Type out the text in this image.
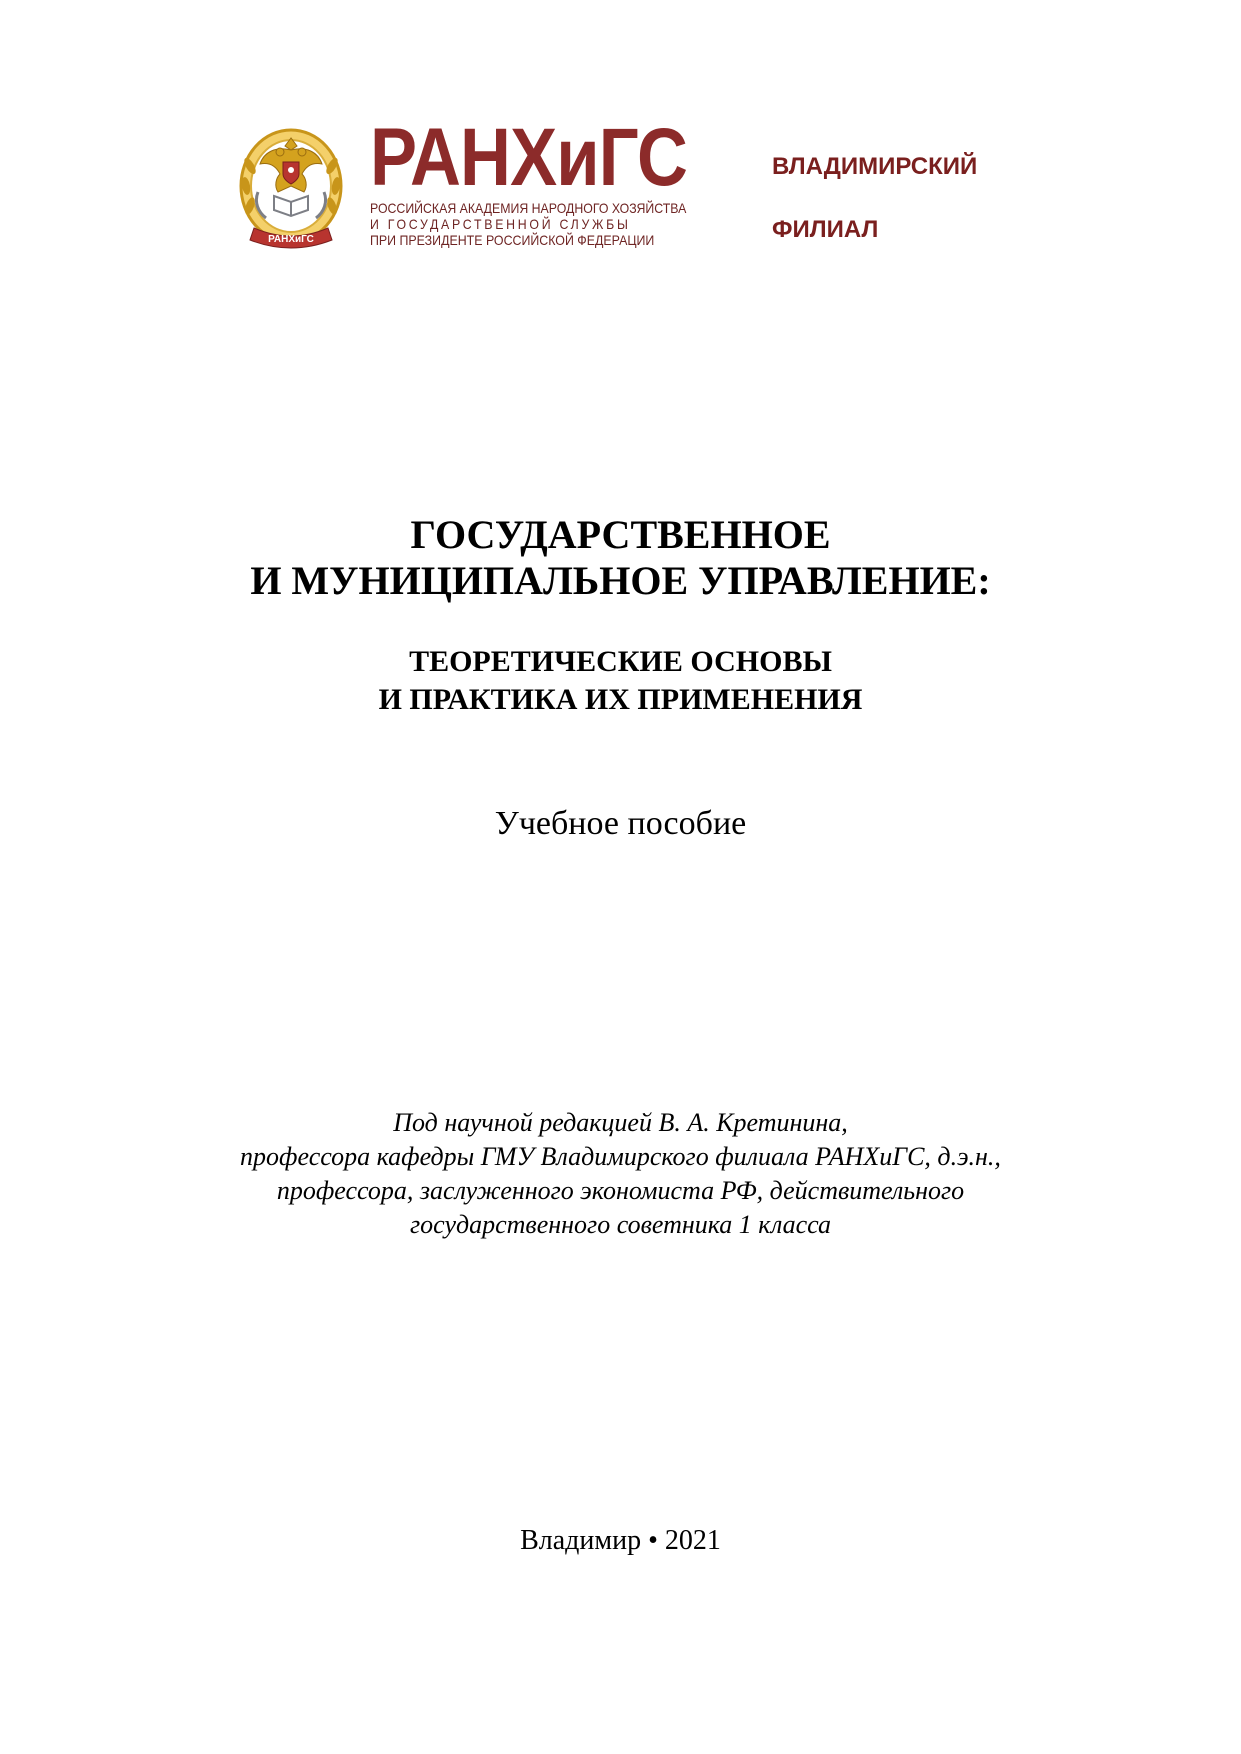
РАНХиГС
РАНХиГС
РОССИЙСКАЯ АКАДЕМИЯ НАРОДНОГО ХОЗЯЙСТВА
И ГОСУДАРСТВЕННОЙ СЛУЖБЫ
ПРИ ПРЕЗИДЕНТЕ РОССИЙСКОЙ ФЕДЕРАЦИИ
ВЛАДИМИРСКИЙ
ФИЛИАЛ
ГОСУДАРСТВЕННОЕ
И МУНИЦИПАЛЬНОЕ УПРАВЛЕНИЕ:
ТЕОРЕТИЧЕСКИЕ ОСНОВЫ
И ПРАКТИКА ИХ ПРИМЕНЕНИЯ
Учебное пособие
Под научной редакцией В. А. Кретинина,
профессора кафедры ГМУ Владимирского филиала РАНХиГС, д.э.н.,
профессора, заслуженного экономиста РФ, действительного
государственного советника 1 класса
Владимир • 2021
